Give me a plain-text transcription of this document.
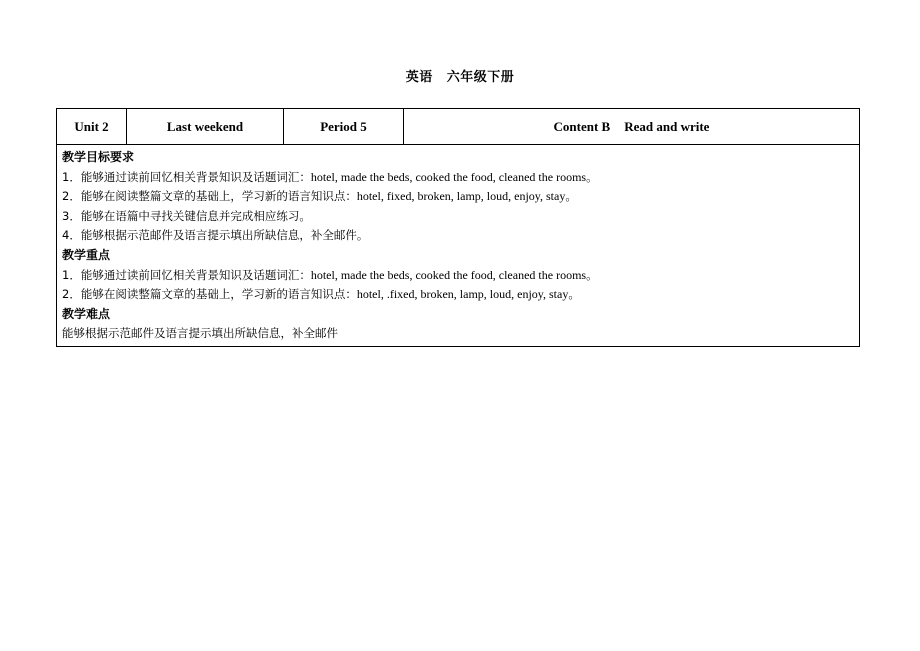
英语 六年级下册
Unit 2	Last weekend	Period 5	Content B Read and write
教学目标要求
1．能够通过读前回忆相关背景知识及话题词汇：hotel, made the beds, cooked the food, cleaned the rooms。
2．能够在阅读整篇文章的基础上，学习新的语言知识点：hotel, fixed, broken, lamp, loud, enjoy, stay。
3．能够在语篇中寻找关键信息并完成相应练习。
4．能够根据示范邮件及语言提示填出所缺信息，补全邮件。
教学重点
1．能够通过读前回忆相关背景知识及话题词汇：hotel, made the beds, cooked the food, cleaned the rooms。
2．能够在阅读整篇文章的基础上，学习新的语言知识点：hotel, .fixed, broken, lamp, loud, enjoy, stay。
教学难点
能够根据示范邮件及语言提示填出所缺信息，补全邮件
